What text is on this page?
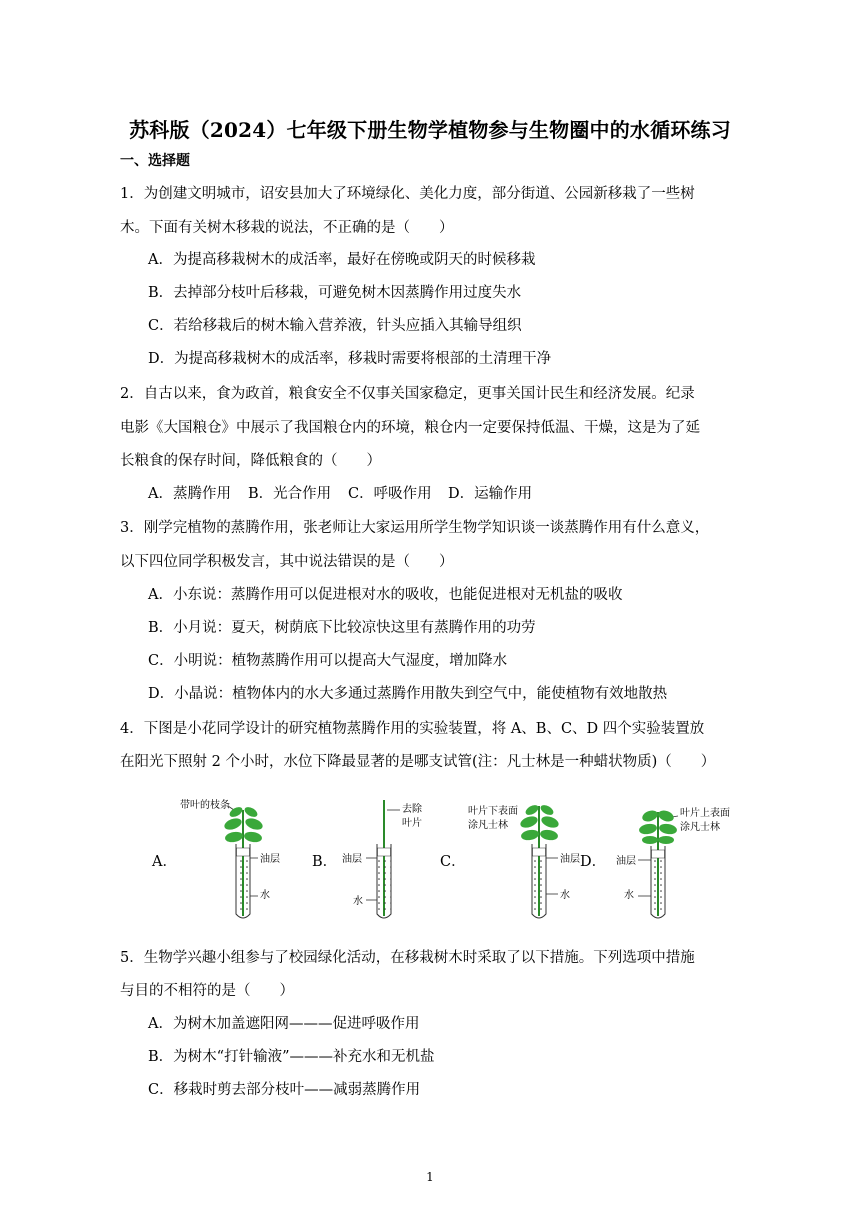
苏科版（2024）七年级下册生物学植物参与生物圈中的水循环练习
一、选择题
1．为创建文明城市，诏安县加大了环境绿化、美化力度，部分街道、公园新移栽了一些树
木。下面有关树木移栽的说法，不正确的是（　　）
A．为提高移栽树木的成活率，最好在傍晚或阴天的时候移栽
B．去掉部分枝叶后移栽，可避免树木因蒸腾作用过度失水
C．若给移栽后的树木输入营养液，针头应插入其输导组织
D．为提高移栽树木的成活率，移栽时需要将根部的土清理干净
2．自古以来，食为政首，粮食安全不仅事关国家稳定，更事关国计民生和经济发展。纪录
电影《大国粮仓》中展示了我国粮仓内的环境，粮仓内一定要保持低温、干燥，这是为了延
长粮食的保存时间，降低粮食的（　　）
A．蒸腾作用 B．光合作用 C．呼吸作用 D．运输作用
3．刚学完植物的蒸腾作用，张老师让大家运用所学生物学知识谈一谈蒸腾作用有什么意义，
以下四位同学积极发言，其中说法错误的是（　　）
A．小东说：蒸腾作用可以促进根对水的吸收，也能促进根对无机盐的吸收
B．小月说：夏天，树荫底下比较凉快这里有蒸腾作用的功劳
C．小明说：植物蒸腾作用可以提高大气湿度，增加降水
D．小晶说：植物体内的水大多通过蒸腾作用散失到空气中，能使植物有效地散热
4．下图是小花同学设计的研究植物蒸腾作用的实验装置，将 A、B、C、D 四个实验装置放
在阳光下照射 2 个小时，水位下降最显著的是哪支试管(注：凡士林是一种蜡状物质)（　　）
A．	B．	C．	D．
带叶的枝条
油层
水
去除
叶片
油层
水
叶片下表面
涂凡士林
油层
水
叶片上表面
涂凡士林
油层
水
5．生物学兴趣小组参与了校园绿化活动，在移栽树木时采取了以下措施。下列选项中措施
与目的不相符的是（　　）
A．为树木加盖遮阳网———促进呼吸作用
B．为树木“打针输液”———补充水和无机盐
C．移栽时剪去部分枝叶——减弱蒸腾作用
1
